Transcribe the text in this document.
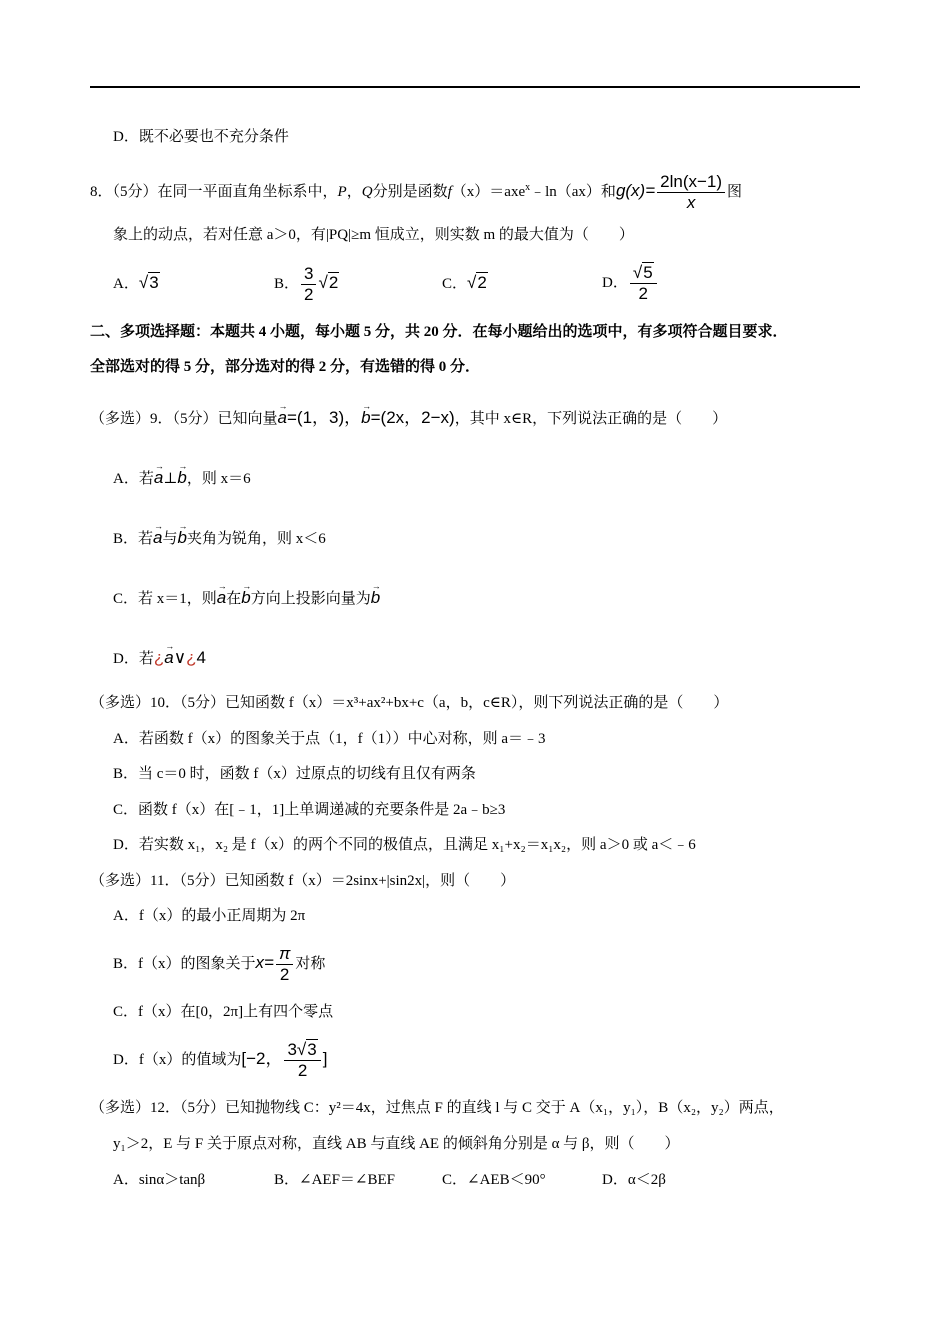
D．既不必要也不充分条件
8．（5分）在同一平面直角坐标系中，P，Q分别是函数f（x）＝axe$^x$﹣ln（ax）和$g(x)= \frac{2\ln(x-1)}{x}$ 图
象上的动点，若对任意 a＞0，有|PQ|≥m 恒成立，则实数 m 的最大值为（　　）
A．√3	B． $\frac{3}{2} √2$	C．√2	D． $\frac{√5}{2}$
二、多项选择题：本题共 4 小题，每小题 5 分，共 20 分．在每小题给出的选项中，有多项符合题目要求．
全部选对的得 5 分，部分选对的得 2 分，有选错的得 0 分．
（多选）9．（5分）已知向量→ a=(1，3)，→ b=(2x，2−x)，其中 x∈R，下列说法正确的是（　　）
A．若→ a⊥→ b，则 x＝6
B．若→ a与→ b夹角为锐角，则 x＜6
C．若 x＝1，则→ a在→ b方向上投影向量为→ b
D．若¿→ a∨¿4
（多选）10．（5分）已知函数 f（x）＝x³+ax²+bx+c（a，b，c∈R），则下列说法正确的是（　　）
A．若函数 f（x）的图象关于点（1，f（1））中心对称，则 a＝﹣3
B．当 c＝0 时，函数 f（x）过原点的切线有且仅有两条
C．函数 f（x）在[﹣1，1]上单调递减的充要条件是 2a﹣b≥3
D．若实数 x₁，x₂ 是 f（x）的两个不同的极值点，且满足 x₁+x₂＝x₁x₂，则 a＞0 或 a＜﹣6
（多选）11．（5分）已知函数 f（x）＝2sinx+|sin2x|，则（　　）
A．f（x）的最小正周期为 2π
B．f（x）的图象关于$x= \frac{\pi}{2}$ 对称
C．f（x）在[0，2π]上有四个零点
D．f（x）的值域为[−2， $\frac{3√3}{2}$ ]
（多选）12．（5分）已知抛物线 C：y²＝4x，过焦点 F 的直线 l 与 C 交于 A（x₁，y₁），B（x₂，y₂）两点，
y₁＞2，E 与 F 关于原点对称，直线 AB 与直线 AE 的倾斜角分别是 α 与 β，则（　　）
A．sinα＞tanβ	B．∠AEF＝∠BEF	C．∠AEB＜90°	D．α＜2β
